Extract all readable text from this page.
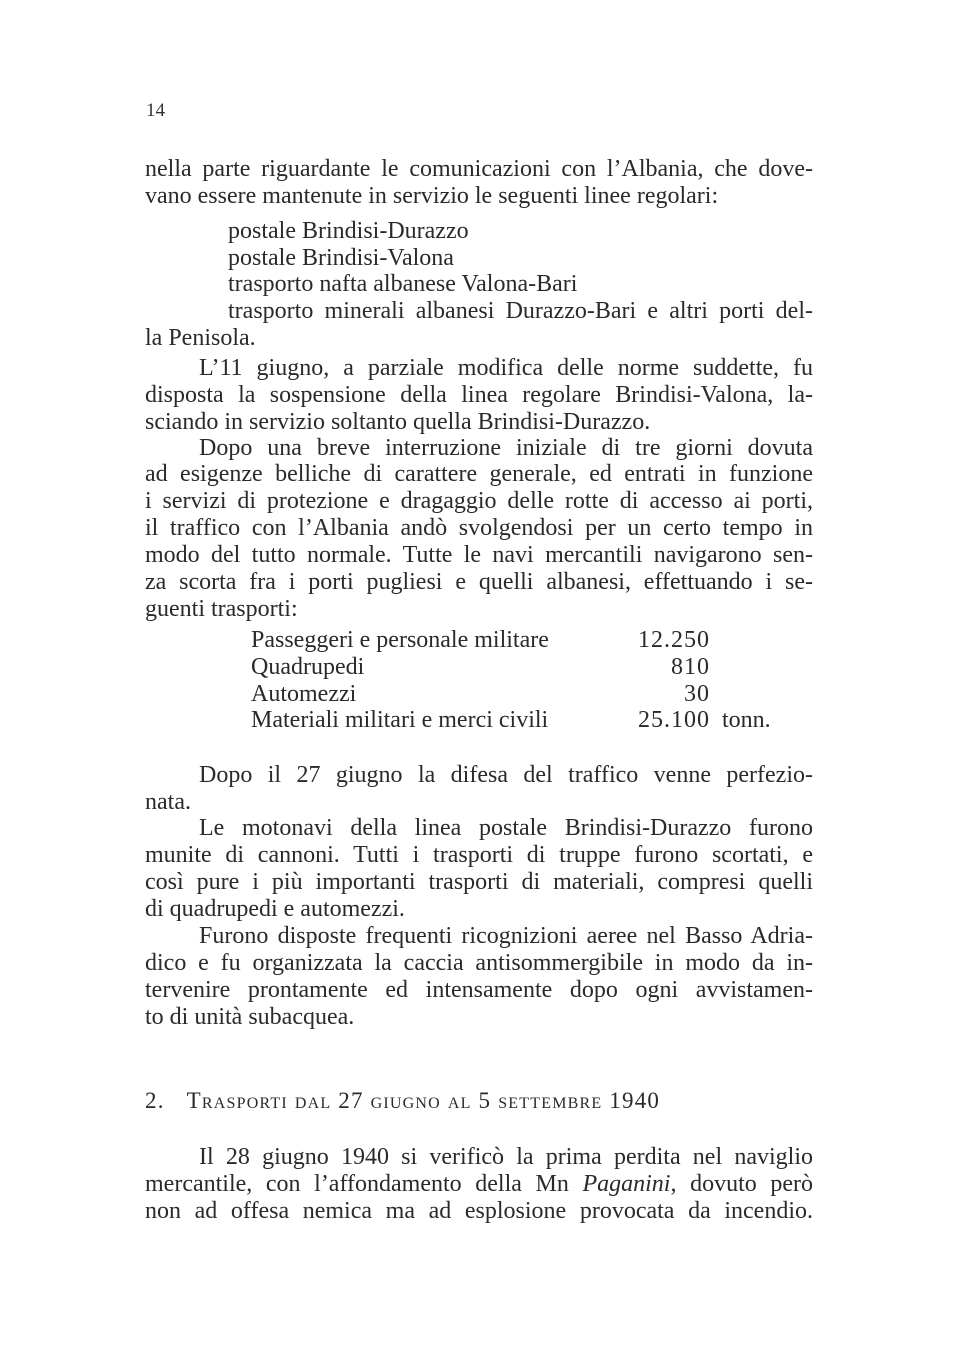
14
nella parte riguardante le comunicazioni con l’Albania, che dove-
vano essere mantenute in servizio le seguenti linee regolari:
postale Brindisi-Durazzo
postale Brindisi-Valona
trasporto nafta albanese Valona-Bari
trasporto minerali albanesi Durazzo-Bari e altri porti del-
la Penisola.
L’11 giugno, a parziale modifica delle norme suddette, fu
disposta la sospensione della linea regolare Brindisi-Valona, la-
sciando in servizio soltanto quella Brindisi-Durazzo.
Dopo una breve interruzione iniziale di tre giorni dovuta
ad esigenze belliche di carattere generale, ed entrati in funzione
i servizi di protezione e dragaggio delle rotte di accesso ai porti,
il traffico con l’Albania andò svolgendosi per un certo tempo in
modo del tutto normale. Tutte le navi mercantili navigarono sen-
za scorta fra i porti pugliesi e quelli albanesi, effettuando i se-
guenti trasporti:
Passeggeri e personale militare	12.250
Quadrupedi	810
Automezzi	30
Materiali militari e merci civili	25.100 tonn.
Dopo il 27 giugno la difesa del traffico venne perfezio-
nata.
Le motonavi della linea postale Brindisi-Durazzo furono
munite di cannoni. Tutti i trasporti di truppe furono scortati, e
così pure i più importanti trasporti di materiali, compresi quelli
di quadrupedi e automezzi.
Furono disposte frequenti ricognizioni aeree nel Basso Adria-
dico e fu organizzata la caccia antisommergibile in modo da in-
tervenire prontamente ed intensamente dopo ogni avvistamen-
to di unità subacquea.
2. Trasporti dal 27 giugno al 5 settembre 1940
Il 28 giugno 1940 si verificò la prima perdita nel naviglio
mercantile, con l’affondamento della Mn Paganini, dovuto però
non ad offesa nemica ma ad esplosione provocata da incendio.
